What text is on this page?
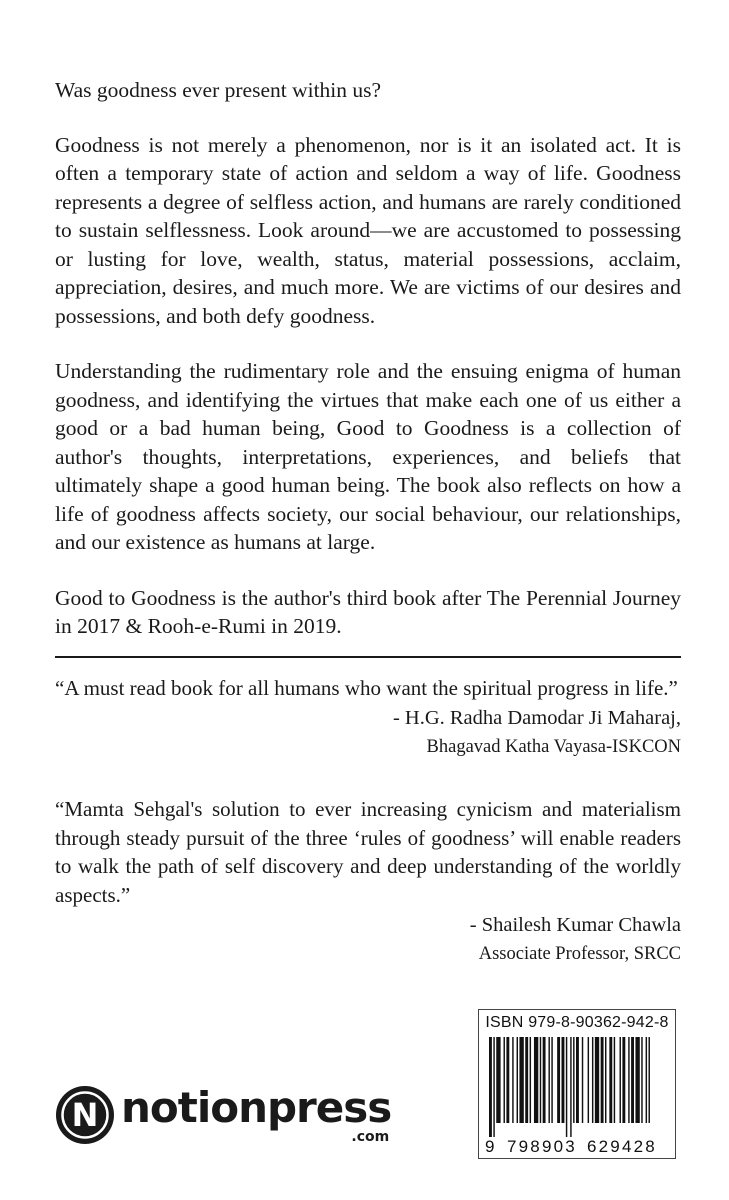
Was goodness ever present within us?

Goodness is not merely a phenomenon, nor is it an isolated act. It is often a temporary state of action and seldom a way of life. Goodness represents a degree of selfless action, and humans are rarely conditioned to sustain selflessness. Look around—we are accustomed to possessing or lusting for love, wealth, status, material possessions, acclaim, appreciation, desires, and much more. We are victims of our desires and possessions, and both defy goodness.

Understanding the rudimentary role and the ensuing enigma of human goodness, and identifying the virtues that make each one of us either a good or a bad human being, Good to Goodness is a collection of author's thoughts, interpretations, experiences, and beliefs that ultimately shape a good human being. The book also reflects on how a life of goodness affects society, our social behaviour, our relationships, and our existence as humans at large.

Good to Goodness is the author's third book after The Perennial Journey in 2017 & Rooh-e-Rumi in 2019.

“A must read book for all humans who want the spiritual progress in life.”

- H.G. Radha Damodar Ji Maharaj,

Bhagavad Katha Vayasa-ISKCON

“Mamta Sehgal's solution to ever increasing cynicism and materialism through steady pursuit of the three ‘rules of goodness’ will enable readers to walk the path of self discovery and deep understanding of the worldly aspects.”

- Shailesh Kumar Chawla

Associate Professor, SRCC

N notionpress
.com
ISBN 979-8-90362-942-8
9 798903 629428
